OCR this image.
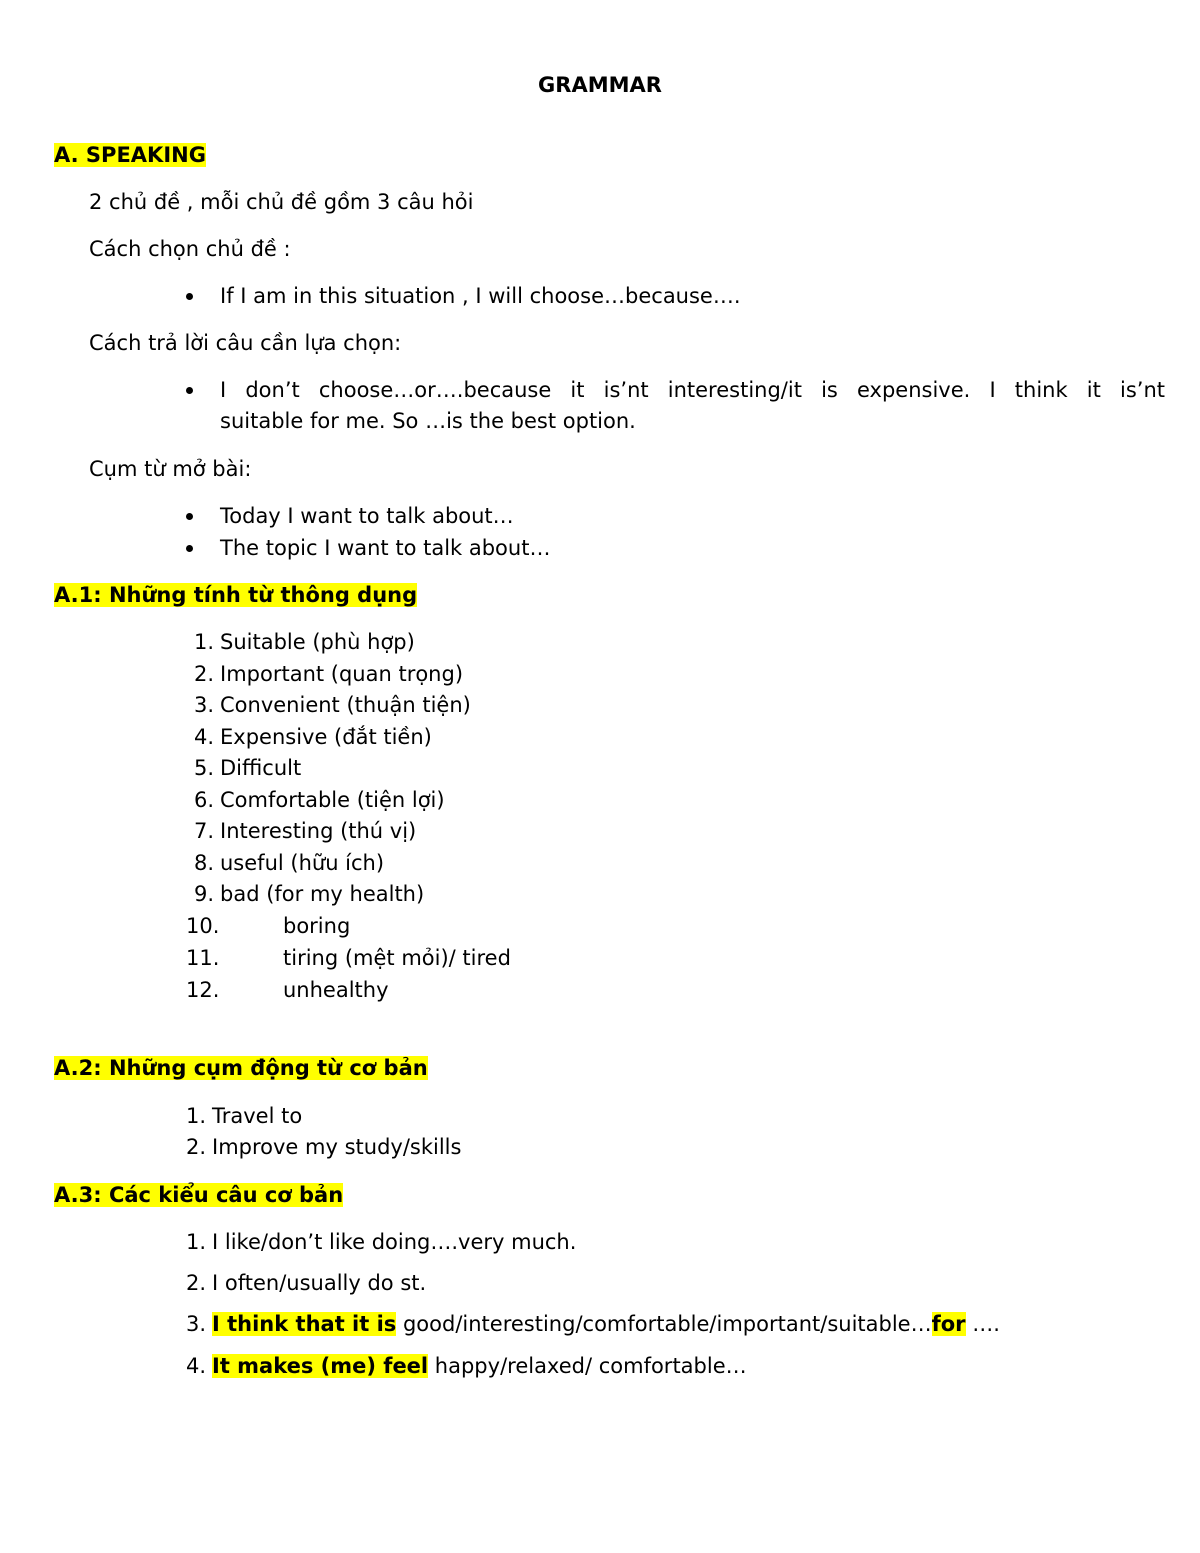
GRAMMAR
A. SPEAKING
2 chủ đề , mỗi chủ đề gồm 3 câu hỏi
Cách chọn chủ đề :
If I am in this situation , I will choose…because….
Cách trả lời câu cần lựa chọn:
I don’t choose…or….because it is’nt interesting/it is expensive. I think it is’nt
suitable for me. So …is the best option.
Cụm từ mở bài:
Today I want to talk about…
The topic I want to talk about…
A.1: Những tính từ thông dụng
1. Suitable (phù hợp)
2. Important (quan trọng)
3. Convenient (thuận tiện)
4. Expensive (đắt tiền)
5. Difficult
6. Comfortable (tiện lợi)
7. Interesting (thú vị)
8. useful (hữu ích)
9. bad (for my health)
10.	boring
11.	tiring (mệt mỏi)/ tired
12.	unhealthy
A.2: Những cụm động từ cơ bản
1. Travel to
2. Improve my study/skills
A.3: Các kiểu câu cơ bản
1. I like/don’t like doing….very much.
2. I often/usually do st.
3. I think that it is good/interesting/comfortable/important/suitable…for ….
4. It makes (me) feel happy/relaxed/ comfortable…
